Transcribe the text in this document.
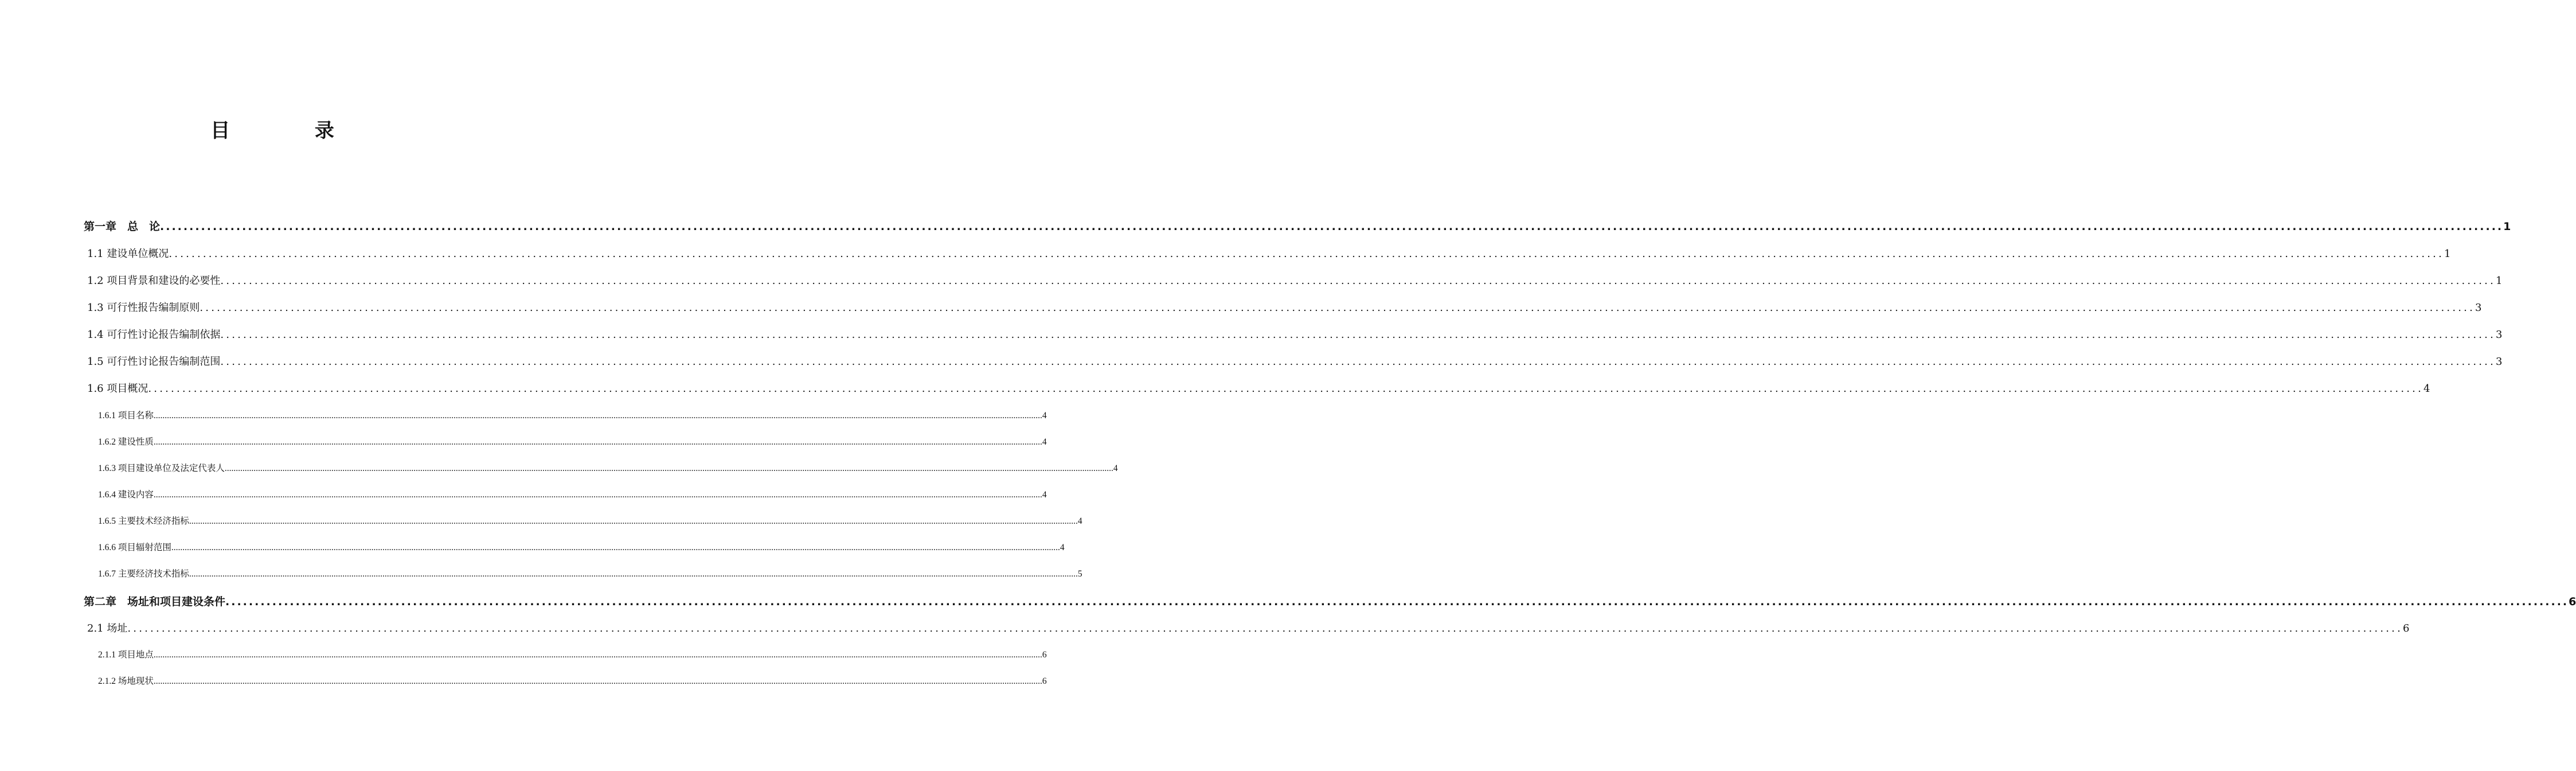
目 录
第一章　总　论 ................................................................................................................................................................................................................................................................................................................................................................................................................ 1
1.1 建设单位概况 ................................................................................................................................................................................................................................................................................................................................................................................................................ 1
1.2 项目背景和建设的必要性 ................................................................................................................................................................................................................................................................................................................................................................................................................ 1
1.3 可行性报告编制原则 ................................................................................................................................................................................................................................................................................................................................................................................................................ 3
1.4 可行性讨论报告编制依据 ................................................................................................................................................................................................................................................................................................................................................................................................................ 3
1.5 可行性讨论报告编制范围 ................................................................................................................................................................................................................................................................................................................................................................................................................ 3
1.6 项目概况 ................................................................................................................................................................................................................................................................................................................................................................................................................ 4
1.6.1 项目名称 ................................................................................................................................................................................................................................................................................................................................................................................................................ 4
1.6.2 建设性质 ................................................................................................................................................................................................................................................................................................................................................................................................................ 4
1.6.3 项目建设单位及法定代表人 ................................................................................................................................................................................................................................................................................................................................................................................................................ 4
1.6.4 建设内容 ................................................................................................................................................................................................................................................................................................................................................................................................................ 4
1.6.5 主要技术经济指标 ................................................................................................................................................................................................................................................................................................................................................................................................................ 4
1.6.6 项目辐射范围 ................................................................................................................................................................................................................................................................................................................................................................................................................ 4
1.6.7 主要经济技术指标 ................................................................................................................................................................................................................................................................................................................................................................................................................ 5
第二章　场址和项目建设条件 ................................................................................................................................................................................................................................................................................................................................................................................................................ 6
2.1 场址 ................................................................................................................................................................................................................................................................................................................................................................................................................ 6
2.1.1 项目地点 ................................................................................................................................................................................................................................................................................................................................................................................................................ 6
2.1.2 场地现状 ................................................................................................................................................................................................................................................................................................................................................................................................................ 6
